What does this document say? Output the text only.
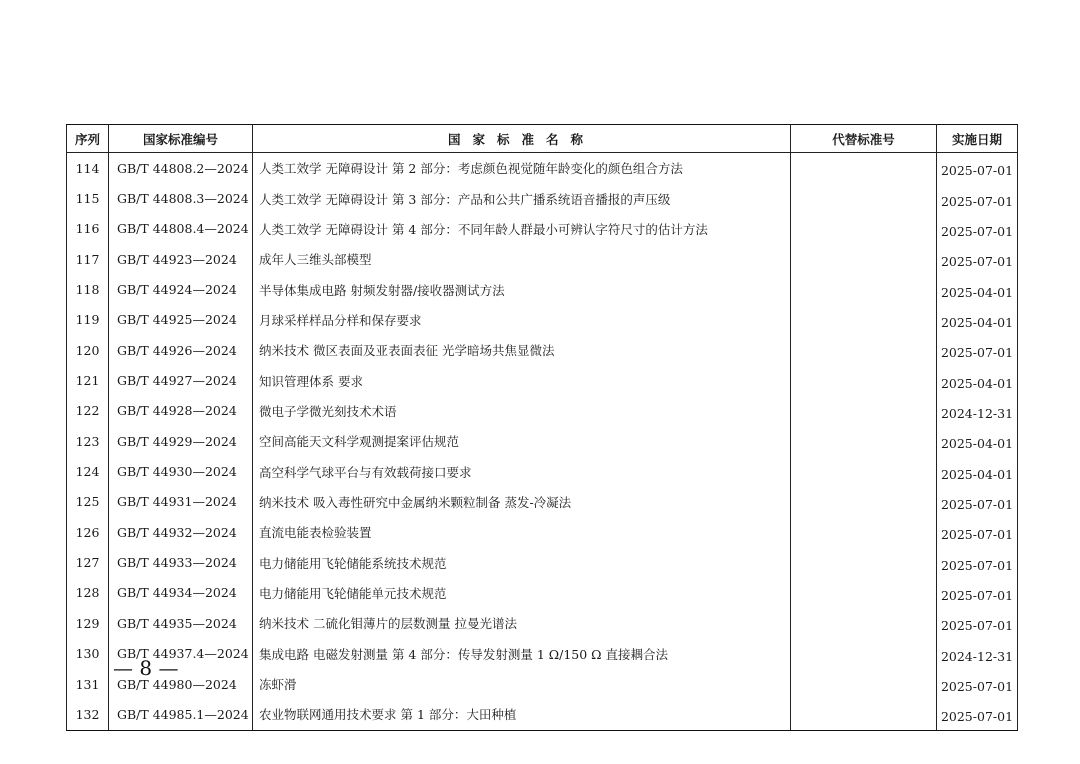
序列	国家标准编号	国家标准名称	代替标准号	实施日期
114	GB/T 44808.2—2024	人类工效学 无障碍设计 第 2 部分：考虑颜色视觉随年龄变化的颜色组合方法		2025-07-01
115	GB/T 44808.3—2024	人类工效学 无障碍设计 第 3 部分：产品和公共广播系统语音播报的声压级		2025-07-01
116	GB/T 44808.4—2024	人类工效学 无障碍设计 第 4 部分：不同年龄人群最小可辨认字符尺寸的估计方法		2025-07-01
117	GB/T 44923—2024	成年人三维头部模型		2025-07-01
118	GB/T 44924—2024	半导体集成电路 射频发射器/接收器测试方法		2025-04-01
119	GB/T 44925—2024	月球采样样品分样和保存要求		2025-04-01
120	GB/T 44926—2024	纳米技术 微区表面及亚表面表征 光学暗场共焦显微法		2025-07-01
121	GB/T 44927—2024	知识管理体系 要求		2025-04-01
122	GB/T 44928—2024	微电子学微光刻技术术语		2024-12-31
123	GB/T 44929—2024	空间高能天文科学观测提案评估规范		2025-04-01
124	GB/T 44930—2024	高空科学气球平台与有效载荷接口要求		2025-04-01
125	GB/T 44931—2024	纳米技术 吸入毒性研究中金属纳米颗粒制备 蒸发-冷凝法		2025-07-01
126	GB/T 44932—2024	直流电能表检验装置		2025-07-01
127	GB/T 44933—2024	电力储能用飞轮储能系统技术规范		2025-07-01
128	GB/T 44934—2024	电力储能用飞轮储能单元技术规范		2025-07-01
129	GB/T 44935—2024	纳米技术 二硫化钼薄片的层数测量 拉曼光谱法		2025-07-01
130	GB/T 44937.4—2024	集成电路 电磁发射测量 第 4 部分：传导发射测量 1 Ω/150 Ω 直接耦合法		2024-12-31
131	GB/T 44980—2024	冻虾滑		2025-07-01
132	GB/T 44985.1—2024	农业物联网通用技术要求 第 1 部分：大田种植		2025-07-01
— 8 —
